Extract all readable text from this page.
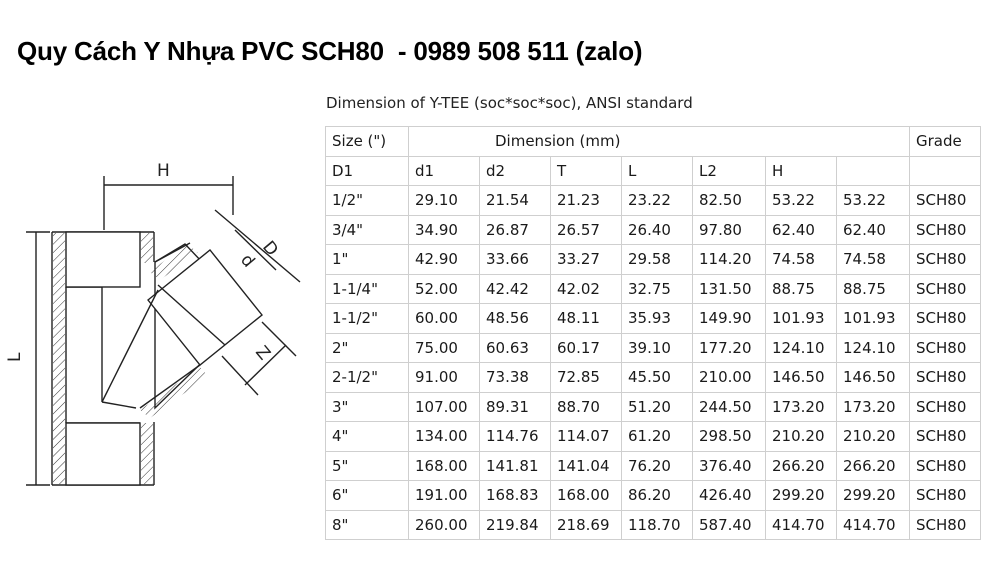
Quy Cách Y Nhựa PVC SCH80  - 0989 508 511 (zalo)
Dimension of Y-TEE (soc*soc*soc), ANSI standard
H
D
d
Z
L
Size (")	Dimension (mm)							Grade
D1	d1	d2	T	L	L2	H		
1/2"	29.10	21.54	21.23	23.22	82.50	53.22	53.22	SCH80
3/4"	34.90	26.87	26.57	26.40	97.80	62.40	62.40	SCH80
1"	42.90	33.66	33.27	29.58	114.20	74.58	74.58	SCH80
1-1/4"	52.00	42.42	42.02	32.75	131.50	88.75	88.75	SCH80
1-1/2"	60.00	48.56	48.11	35.93	149.90	101.93	101.93	SCH80
2"	75.00	60.63	60.17	39.10	177.20	124.10	124.10	SCH80
2-1/2"	91.00	73.38	72.85	45.50	210.00	146.50	146.50	SCH80
3"	107.00	89.31	88.70	51.20	244.50	173.20	173.20	SCH80
4"	134.00	114.76	114.07	61.20	298.50	210.20	210.20	SCH80
5"	168.00	141.81	141.04	76.20	376.40	266.20	266.20	SCH80
6"	191.00	168.83	168.00	86.20	426.40	299.20	299.20	SCH80
8"	260.00	219.84	218.69	118.70	587.40	414.70	414.70	SCH80
